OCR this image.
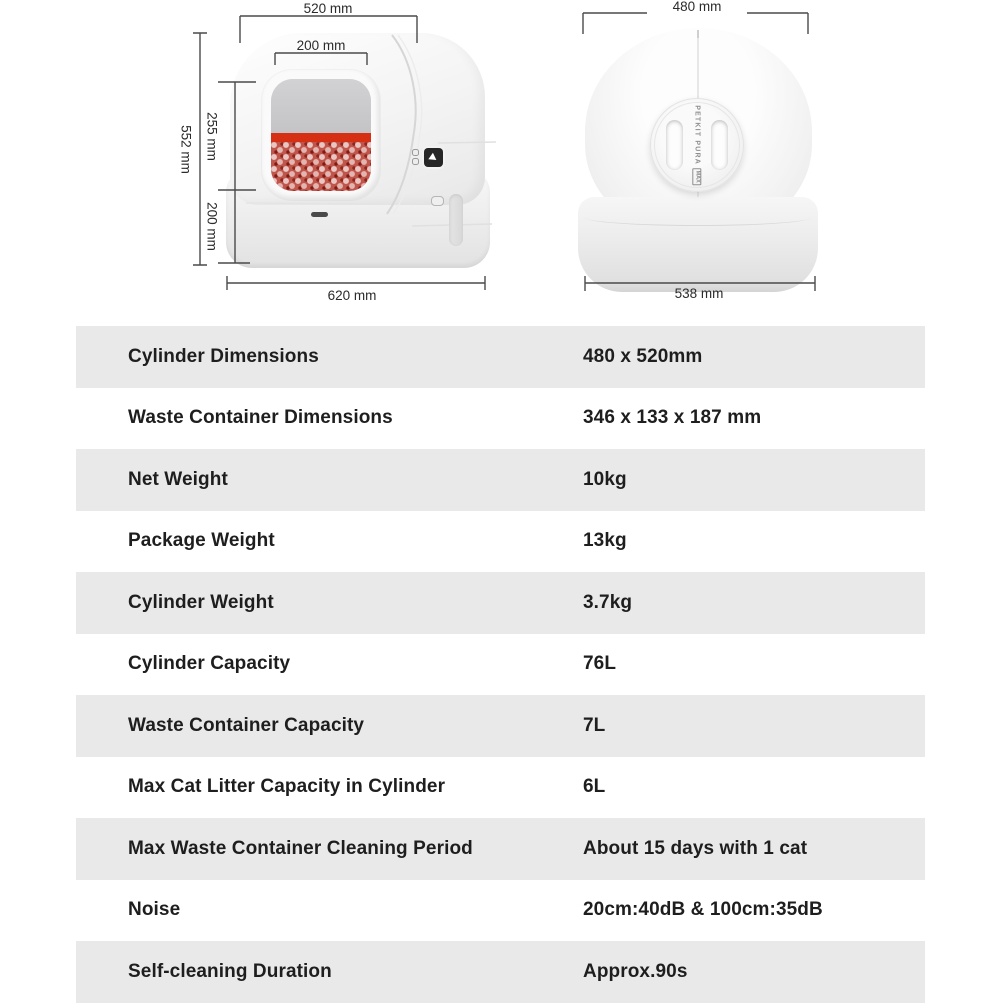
520 mm
200 mm
552 mm 255 mm
200 mm
620 mm
PETKIT PURA
MAX
480 mm
538 mm
Cylinder Dimensions	480 x 520mm
Waste Container Dimensions	346 x 133 x 187 mm
Net Weight	10kg
Package Weight	13kg
Cylinder Weight	3.7kg
Cylinder Capacity	76L
Waste Container Capacity	7L
Max Cat Litter Capacity in Cylinder	6L
Max Waste Container Cleaning Period	About 15 days with 1 cat
Noise	20cm:40dB & 100cm:35dB
Self-cleaning Duration	Approx.90s
